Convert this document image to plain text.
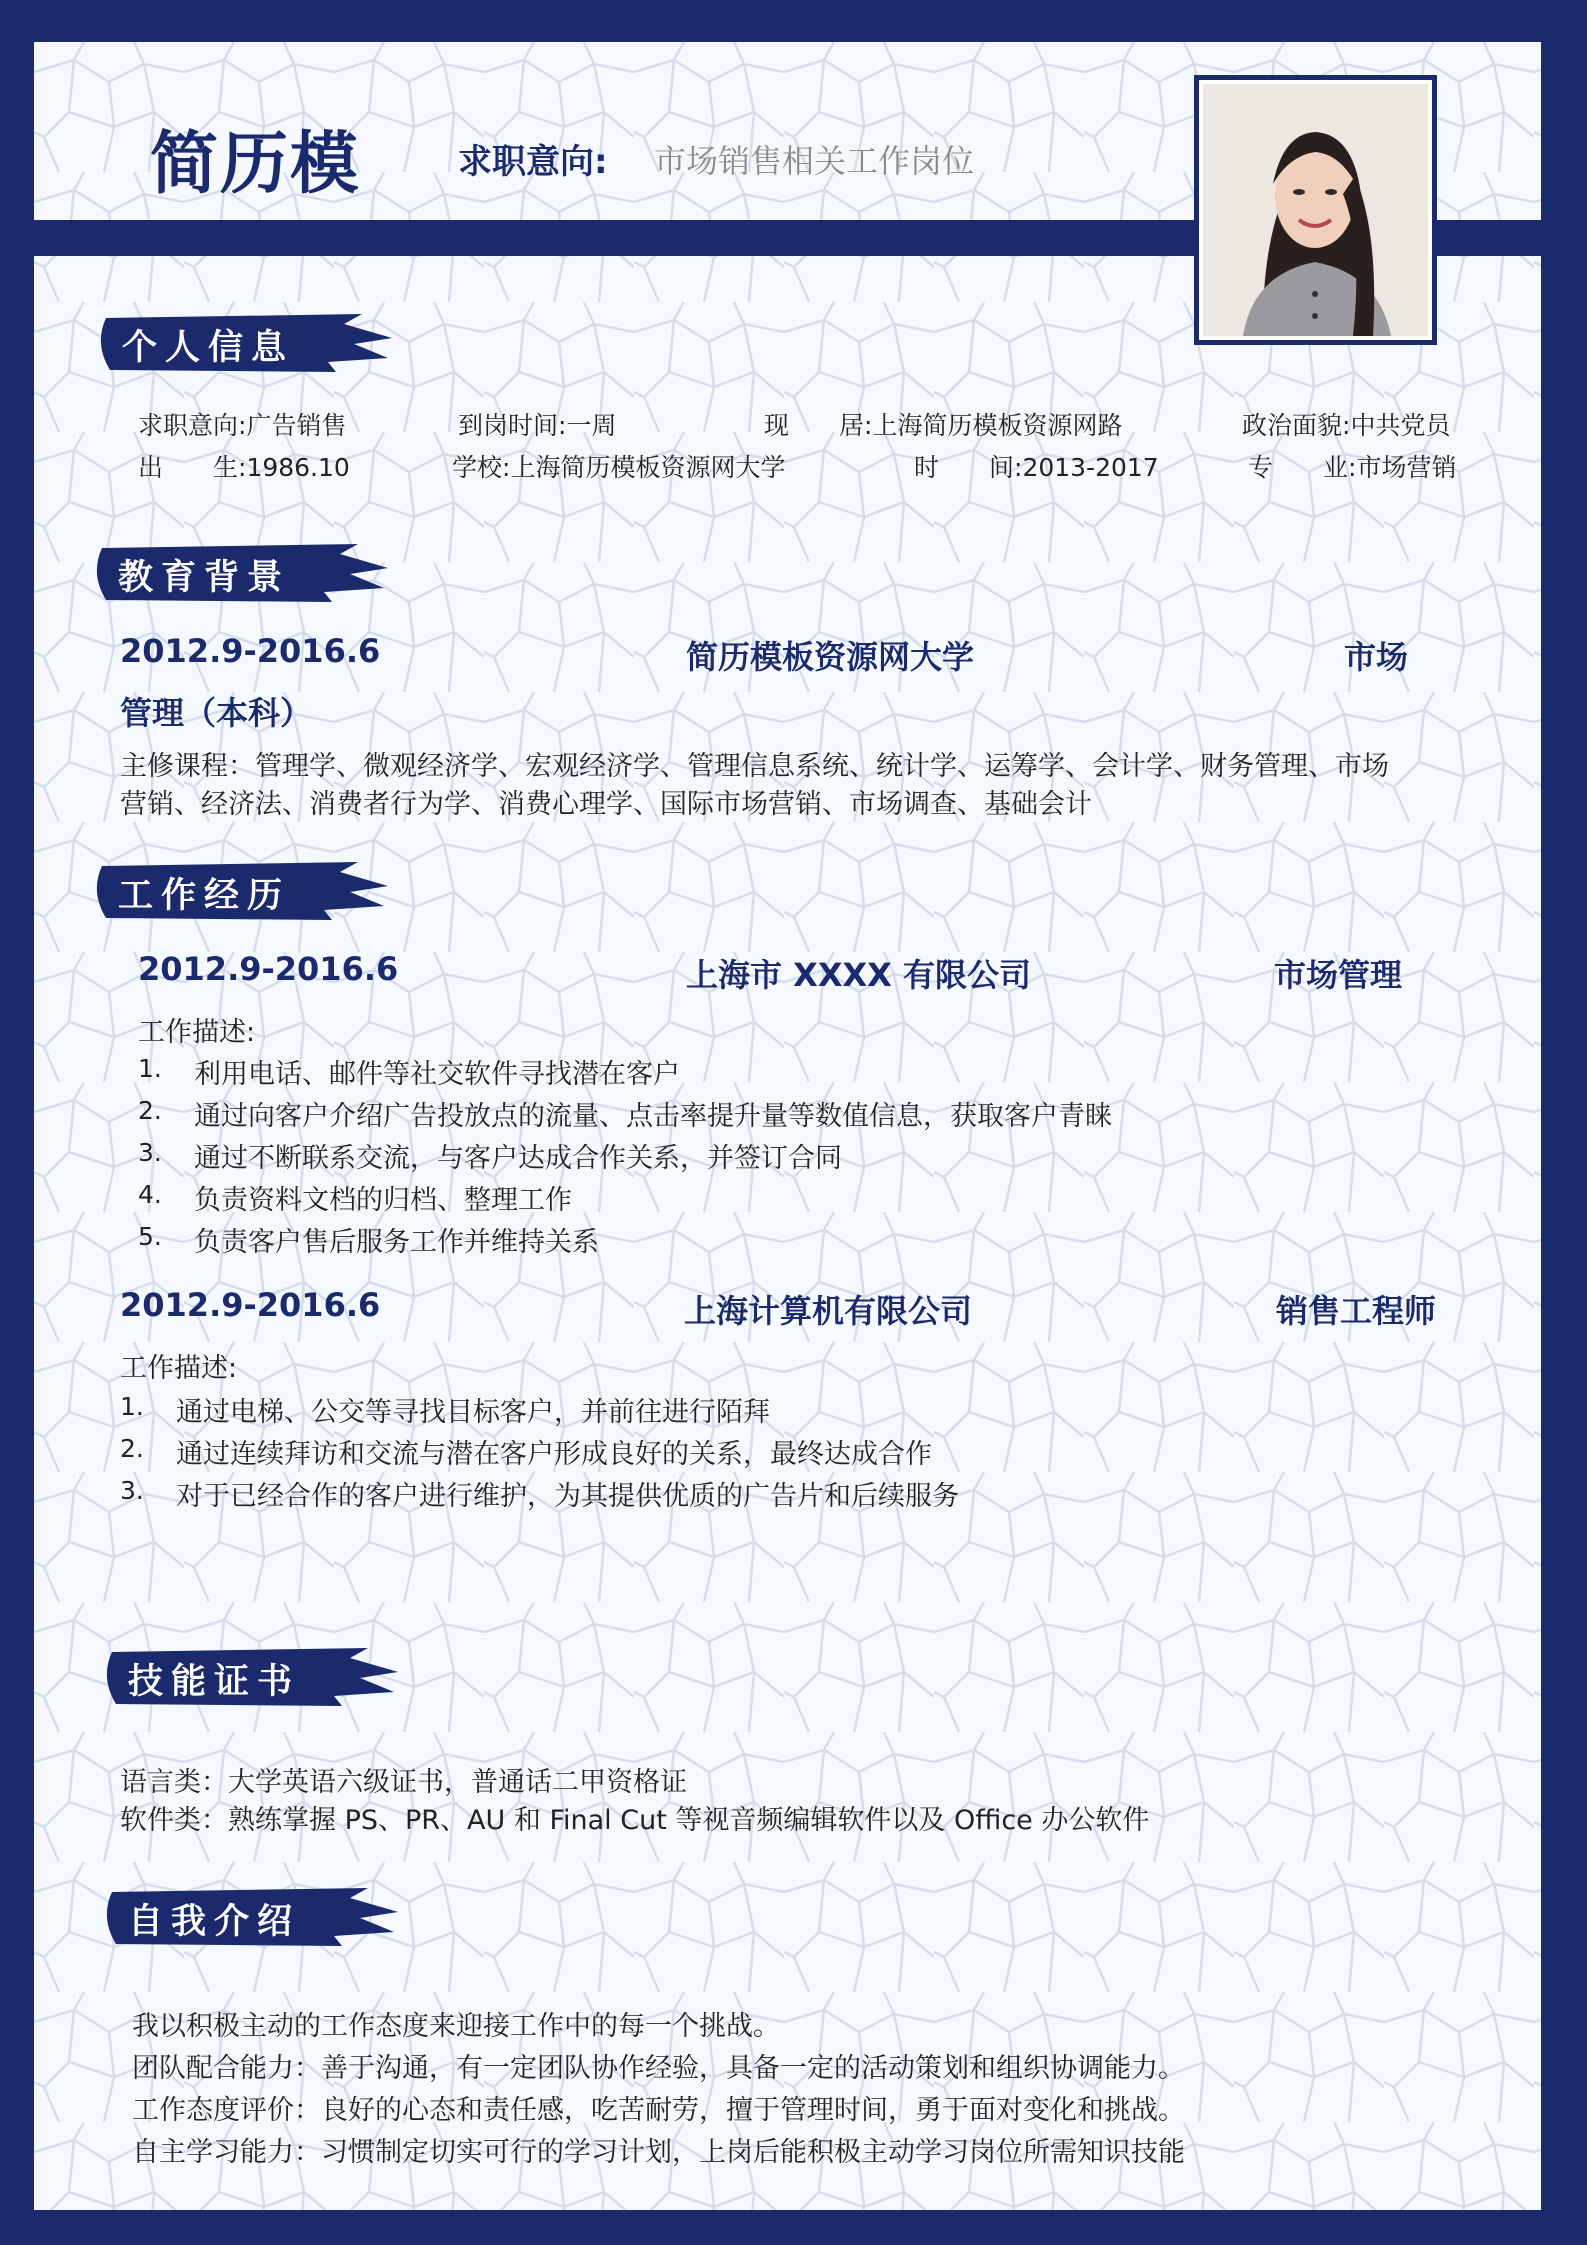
简历模	求职意向: 市场销售相关工作岗位
个人信息
求职意向:广告销售	到岗时间:一周	现　　居:上海简历模板资源网路	政治面貌:中共党员
出　　生:1986.10	学校:上海简历模板资源网大学	时　　间:2013-2017	专　　业:市场营销
教育背景
2012.9-2016.6	简历模板资源网大学	市场
管理（本科）
主修课程：管理学、微观经济学、宏观经济学、管理信息系统、统计学、运筹学、会计学、财务管理、市场
营销、经济法、消费者行为学、消费心理学、国际市场营销、市场调查、基础会计
工作经历
2012.9-2016.6	上海市 XXXX 有限公司	市场管理
工作描述:
1. 利用电话、邮件等社交软件寻找潜在客户
2. 通过向客户介绍广告投放点的流量、点击率提升量等数值信息，获取客户青睐
3. 通过不断联系交流，与客户达成合作关系，并签订合同
4. 负责资料文档的归档、整理工作
5. 负责客户售后服务工作并维持关系
2012.9-2016.6	上海计算机有限公司	销售工程师
工作描述:
1. 通过电梯、公交等寻找目标客户，并前往进行陌拜
2. 通过连续拜访和交流与潜在客户形成良好的关系，最终达成合作
3. 对于已经合作的客户进行维护，为其提供优质的广告片和后续服务
技能证书
语言类：大学英语六级证书，普通话二甲资格证
软件类：熟练掌握 PS、PR、AU 和 Final Cut 等视音频编辑软件以及 Office 办公软件
自我介绍
我以积极主动的工作态度来迎接工作中的每一个挑战。
团队配合能力：善于沟通，有一定团队协作经验，具备一定的活动策划和组织协调能力。
工作态度评价：良好的心态和责任感，吃苦耐劳，擅于管理时间，勇于面对变化和挑战。
自主学习能力：习惯制定切实可行的学习计划，上岗后能积极主动学习岗位所需知识技能
